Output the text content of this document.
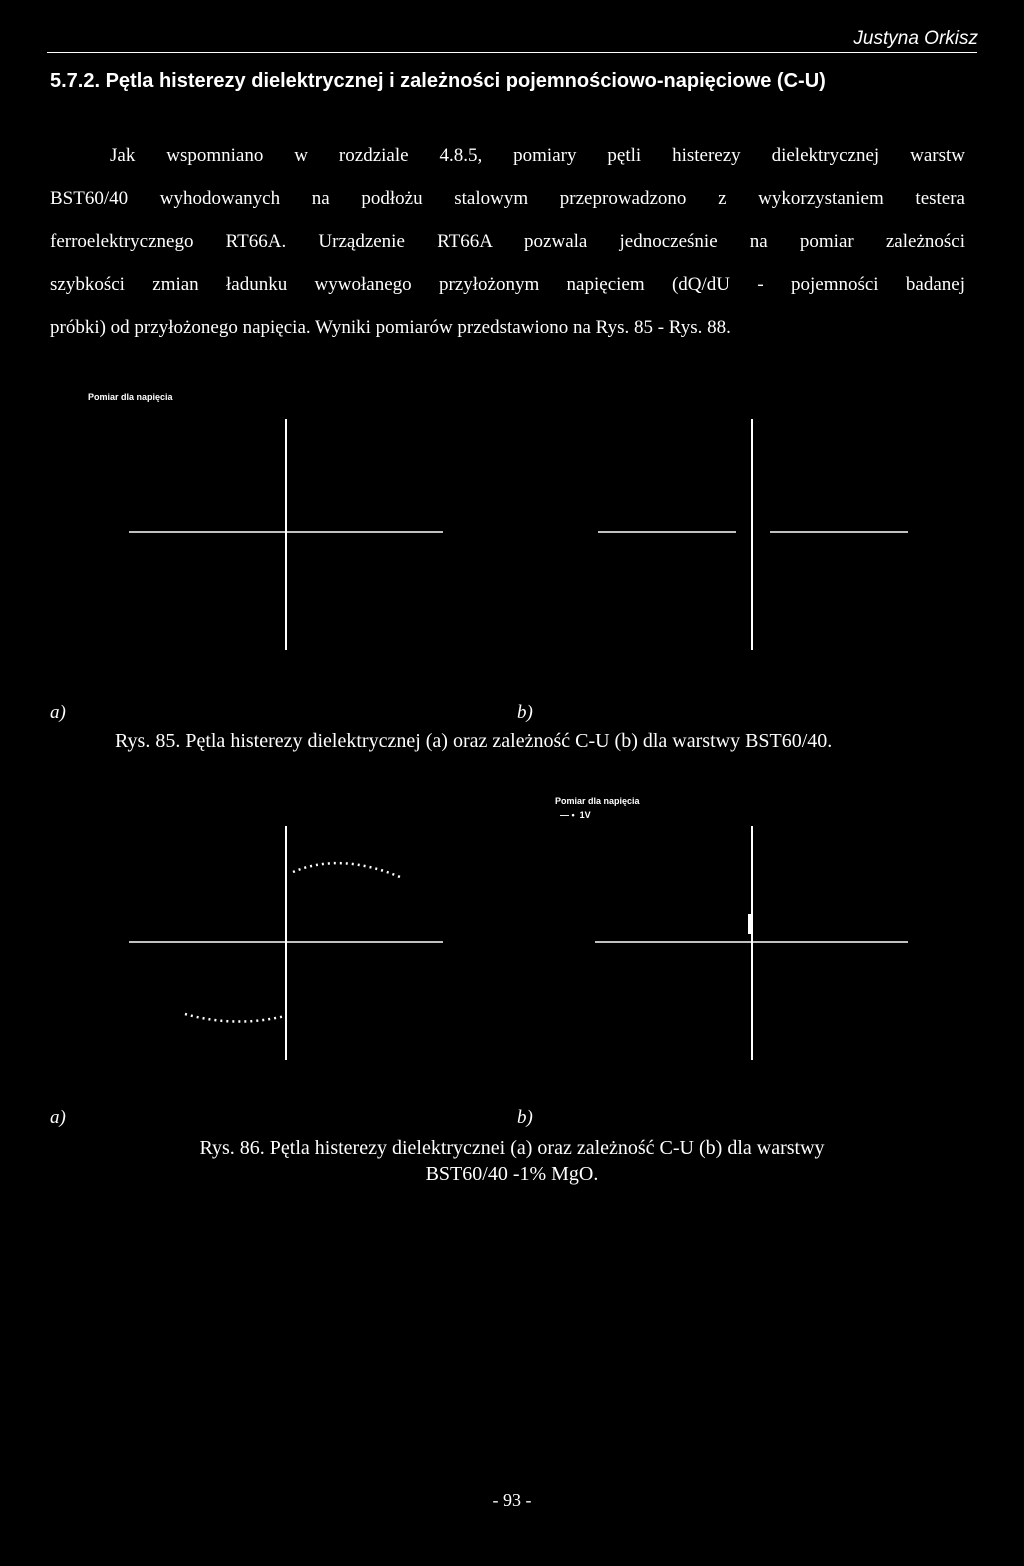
Justyna Orkisz
5.7.2. Pętla histerezy dielektrycznej i zależności pojemnościowo-napięciowe (C-U)
Jak wspomniano w rozdziale 4.8.5, pomiary pętli histerezy dielektrycznej warstw
BST60/40 wyhodowanych na podłożu stalowym przeprowadzono z wykorzystaniem testera
ferroelektrycznego RT66A. Urządzenie RT66A pozwala jednocześnie na pomiar zależności
szybkości zmian ładunku wywołanego przyłożonym napięciem (dQ/dU - pojemności badanej
próbki) od przyłożonego napięcia. Wyniki pomiarów przedstawiono na Rys. 85 - Rys. 88.
Pomiar dla napięcia
a)	b)
Rys. 85. Pętla histerezy dielektrycznej (a) oraz zależność C-U (b) dla warstwy BST60/40.
Pomiar dla napięcia
— •  1V
a)	b)
Rys. 86. Pętla histerezy dielektrycznei (a) oraz zależność C-U (b) dla warstwy
BST60/40 -1% MgO.
- 93 -
